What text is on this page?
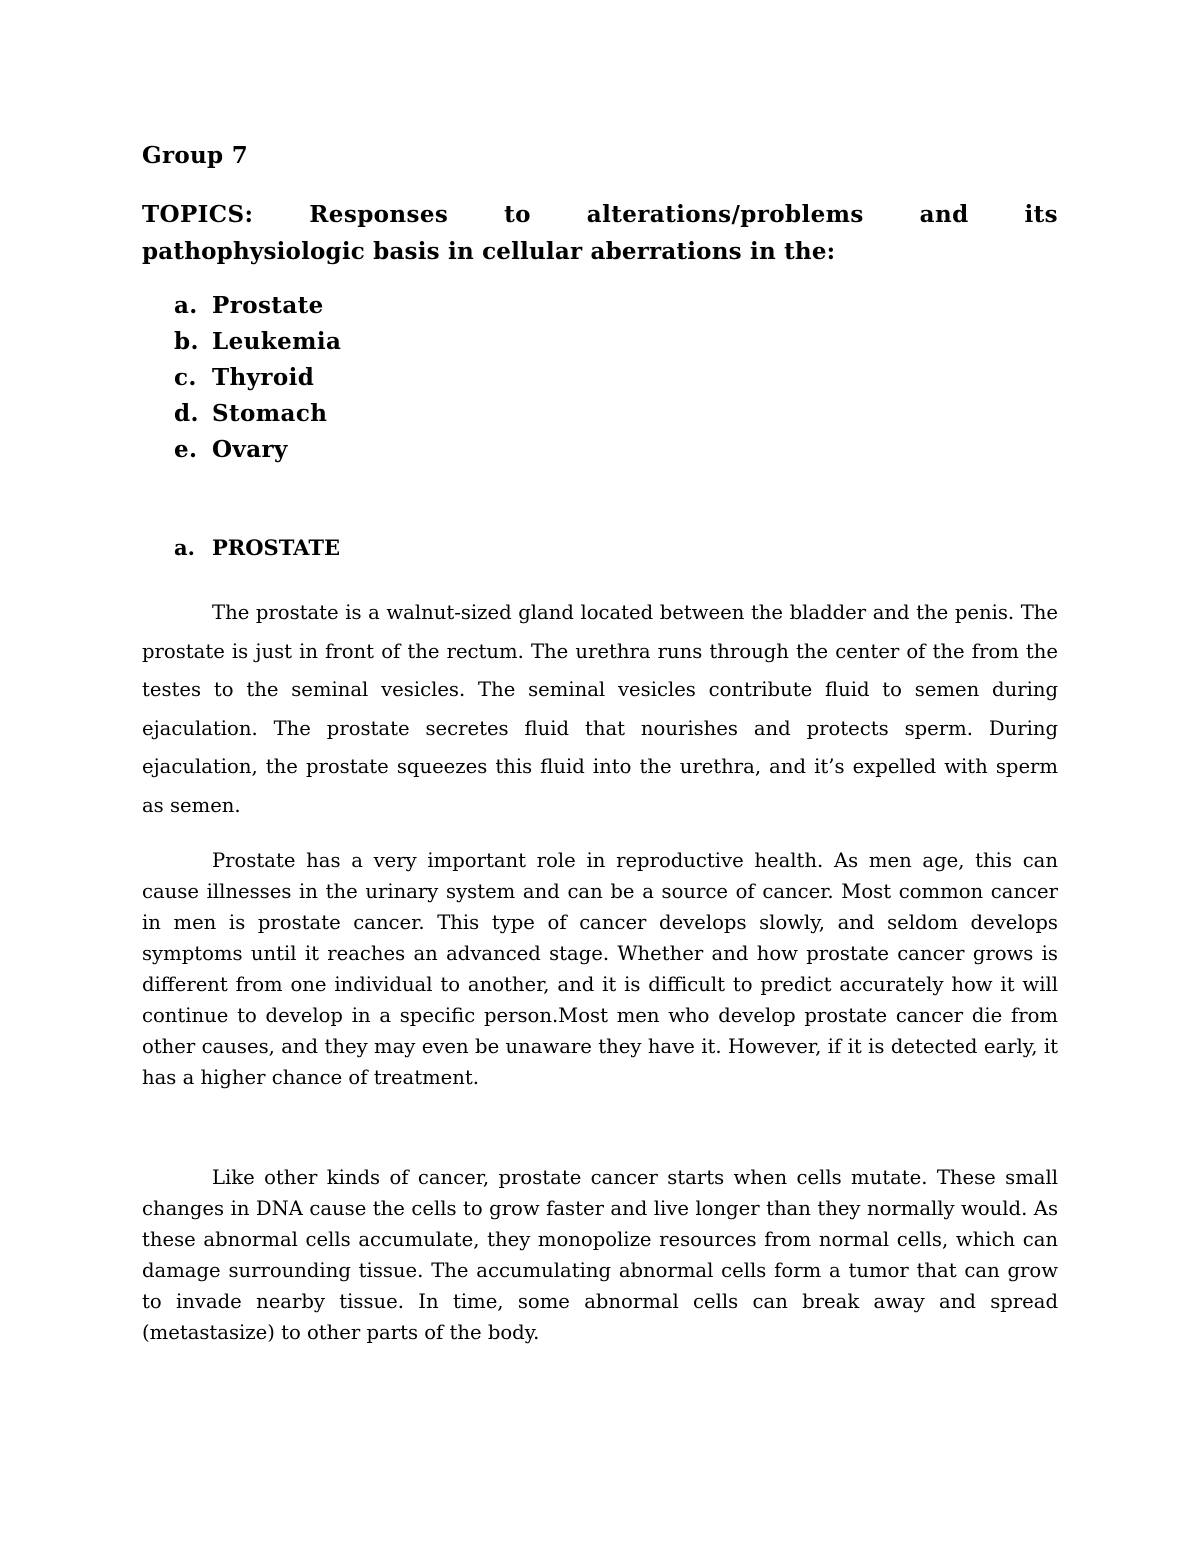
Group 7
TOPICS: Responses to alterations/problems and its
pathophysiologic basis in cellular aberrations in the:
a. Prostate
b. Leukemia
c. Thyroid
d. Stomach
e. Ovary
a. PROSTATE

The prostate is a walnut-sized gland located between the bladder and the penis. The prostate is just in front of the rectum. The urethra runs through the center of the from the testes to the seminal vesicles. The seminal vesicles contribute fluid to semen during ejaculation. The prostate secretes fluid that nourishes and protects sperm. During ejaculation, the prostate squeezes this fluid into the urethra, and it’s expelled with sperm as semen.

Prostate has a very important role in reproductive health. As men age, this can cause illnesses in the urinary system and can be a source of cancer. Most common cancer in men is prostate cancer. This type of cancer develops slowly, and seldom develops symptoms until it reaches an advanced stage. Whether and how prostate cancer grows is different from one individual to another, and it is difficult to predict accurately how it will continue to develop in a specific person.Most men who develop prostate cancer die from other causes, and they may even be unaware they have it. However, if it is detected early, it has a higher chance of treatment.

Like other kinds of cancer, prostate cancer starts when cells mutate. These small changes in DNA cause the cells to grow faster and live longer than they normally would. As these abnormal cells accumulate, they monopolize resources from normal cells, which can damage surrounding tissue. The accumulating abnormal cells form a tumor that can grow to invade nearby tissue. In time, some abnormal cells can break away and spread (metastasize) to other parts of the body.
